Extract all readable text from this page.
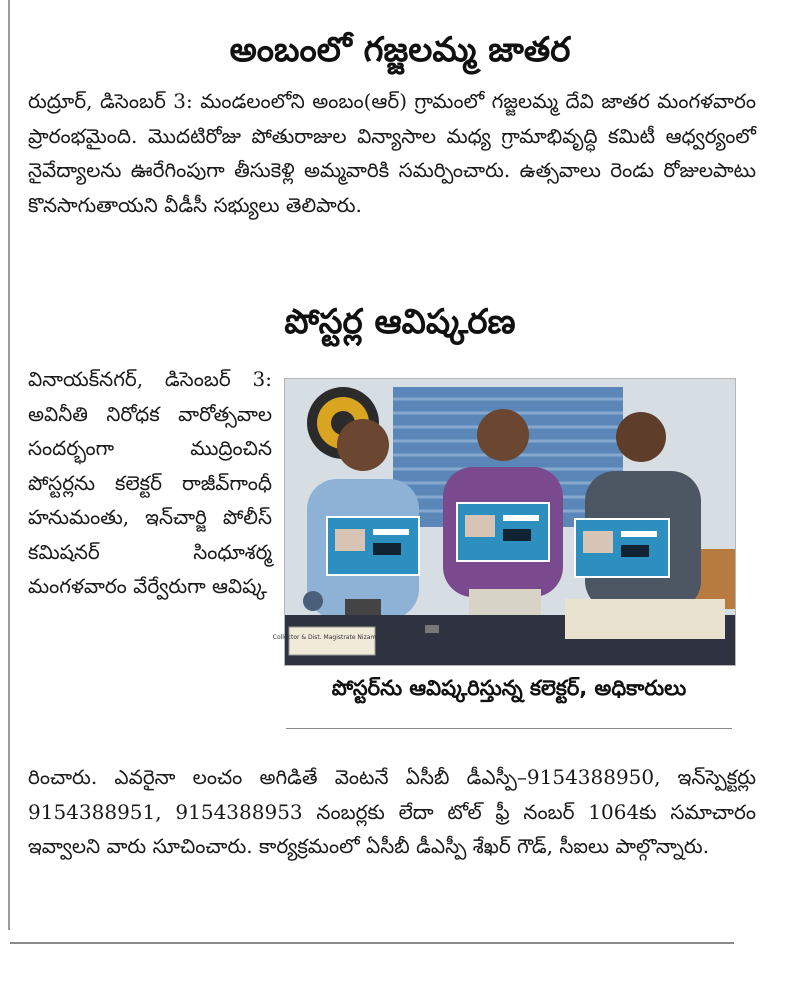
అంబంలో గజ్జలమ్మ జాతర
రుద్రూర్, డిసెంబర్ 3: మండలంలోని అంబం(ఆర్) గ్రామంలో గజ్జలమ్మ దేవి జాతర మంగళవారం ప్రారంభమైంది. మొదటిరోజు పోతురాజుల విన్యాసాల మధ్య గ్రామాభివృద్ధి కమిటీ ఆధ్వర్యంలో నైవేద్యాలను ఊరేగింపుగా తీసుకెళ్లి అమ్మవారికి సమర్పించారు. ఉత్సవాలు రెండు రోజులపాటు కొనసాగుతాయని వీడీసీ సభ్యులు తెలిపారు.
పోస్టర్ల ఆవిష్కరణ
వినాయక్‌నగర్, డిసెంబర్ 3: అవినీతి నిరోధక వారోత్సవాల సందర్భంగా ముద్రించిన పోస్టర్లను కలెక్టర్ రాజీవ్‌గాంధీ హనుమంతు, ఇన్‌చార్జి పోలీస్ కమిషనర్ సింధూశర్మ మంగళవారం వేర్వేరుగా ఆవిష్క
Collector & Dist. Magistrate Nizamabad
పోస్టర్‌ను ఆవిష్కరిస్తున్న కలెక్టర్, అధికారులు
రించారు. ఎవరైనా లంచం అగిడితే వెంటనే ఏసీబీ డీఎస్పీ–9154388950, ఇన్‌స్పెక్టర్లు 9154388951, 9154388953 నంబర్లకు లేదా టోల్ ఫ్రీ నంబర్ 1064కు సమాచారం ఇవ్వాలని వారు సూచించారు. కార్యక్రమంలో ఏసీబీ డీఎస్పీ శేఖర్ గౌడ్, సీఐలు పాల్గొన్నారు.
